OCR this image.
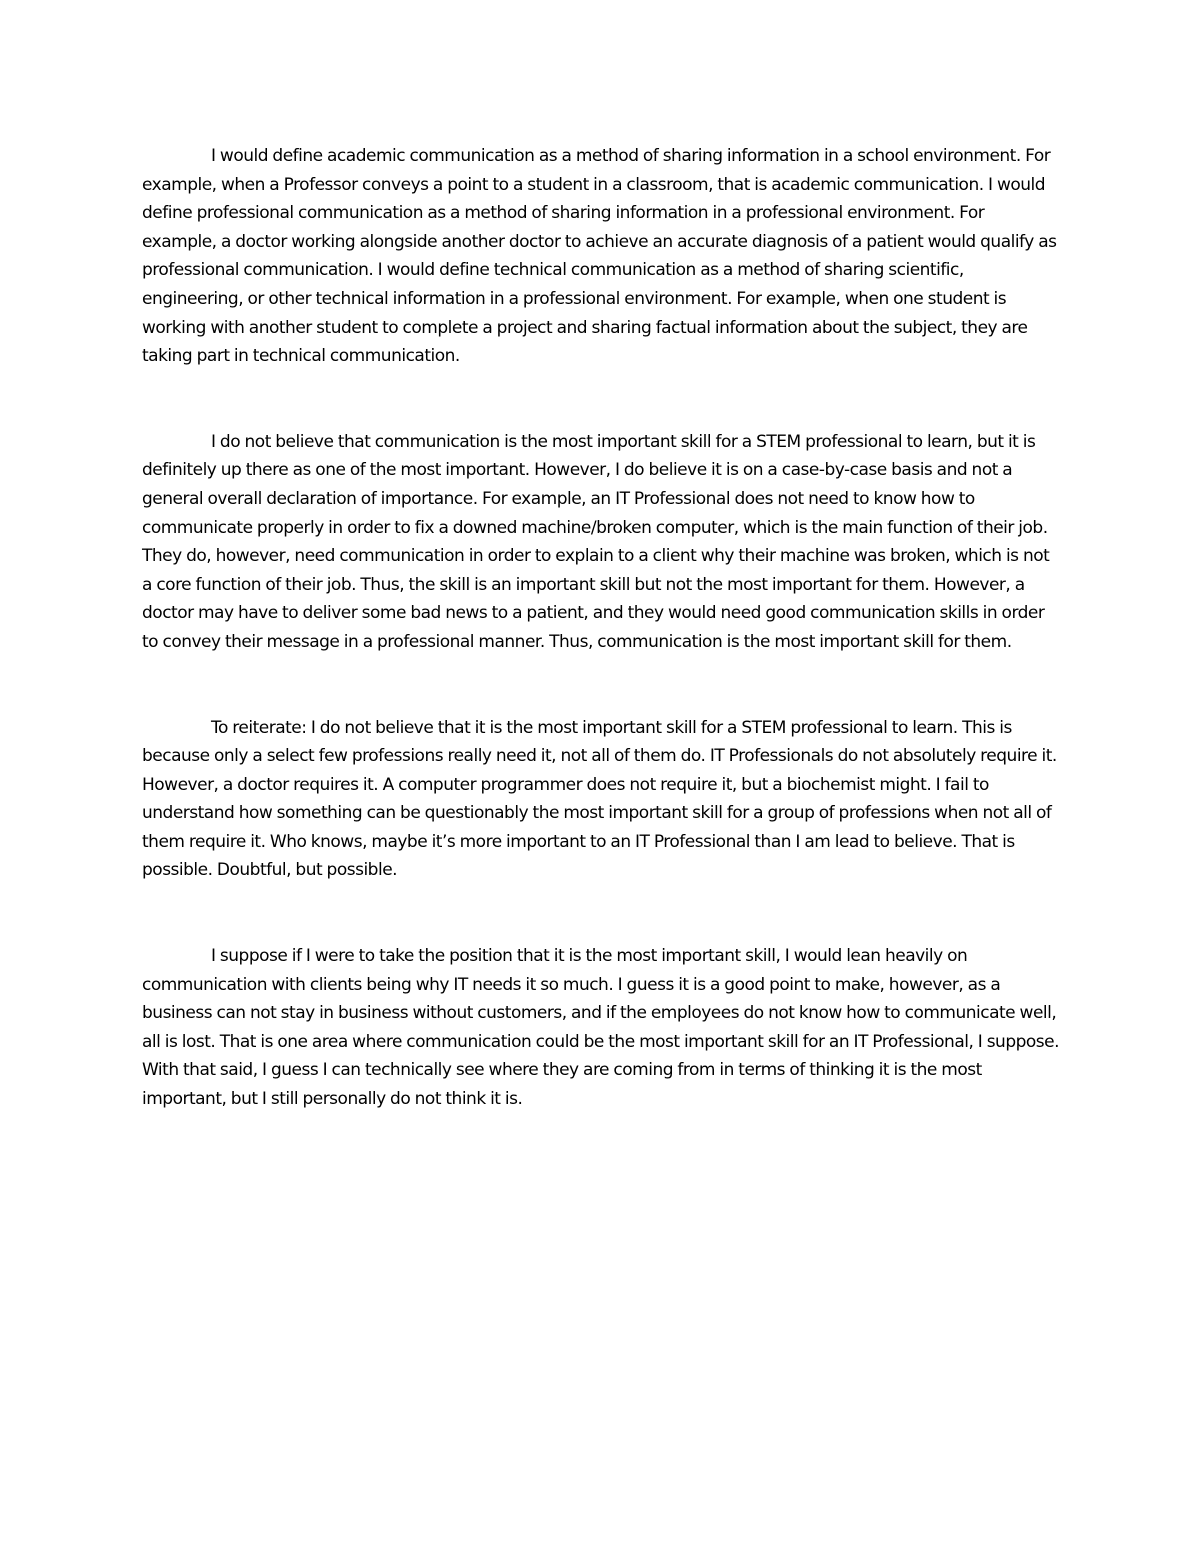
I would define academic communication as a method of sharing information in a school environment. For example, when a Professor conveys a point to a student in a classroom, that is academic communication. I would define professional communication as a method of sharing information in a professional environment. For example, a doctor working alongside another doctor to achieve an accurate diagnosis of a patient would qualify as professional communication. I would define technical communication as a method of sharing scientific, engineering, or other technical information in a professional environment. For example, when one student is working with another student to complete a project and sharing factual information about the subject, they are taking part in technical communication.

I do not believe that communication is the most important skill for a STEM professional to learn, but it is definitely up there as one of the most important. However, I do believe it is on a case-by-case basis and not a general overall declaration of importance. For example, an IT Professional does not need to know how to communicate properly in order to fix a downed machine/broken computer, which is the main function of their job. They do, however, need communication in order to explain to a client why their machine was broken, which is not a core function of their job. Thus, the skill is an important skill but not the most important for them. However, a doctor may have to deliver some bad news to a patient, and they would need good communication skills in order to convey their message in a professional manner. Thus, communication is the most important skill for them.

To reiterate: I do not believe that it is the most important skill for a STEM professional to learn. This is because only a select few professions really need it, not all of them do. IT Professionals do not absolutely require it. However, a doctor requires it. A computer programmer does not require it, but a biochemist might. I fail to understand how something can be questionably the most important skill for a group of professions when not all of them require it. Who knows, maybe it’s more important to an IT Professional than I am lead to believe. That is possible. Doubtful, but possible.

I suppose if I were to take the position that it is the most important skill, I would lean heavily on communication with clients being why IT needs it so much. I guess it is a good point to make, however, as a business can not stay in business without customers, and if the employees do not know how to communicate well, all is lost. That is one area where communication could be the most important skill for an IT Professional, I suppose. With that said, I guess I can technically see where they are coming from in terms of thinking it is the most important, but I still personally do not think it is.
